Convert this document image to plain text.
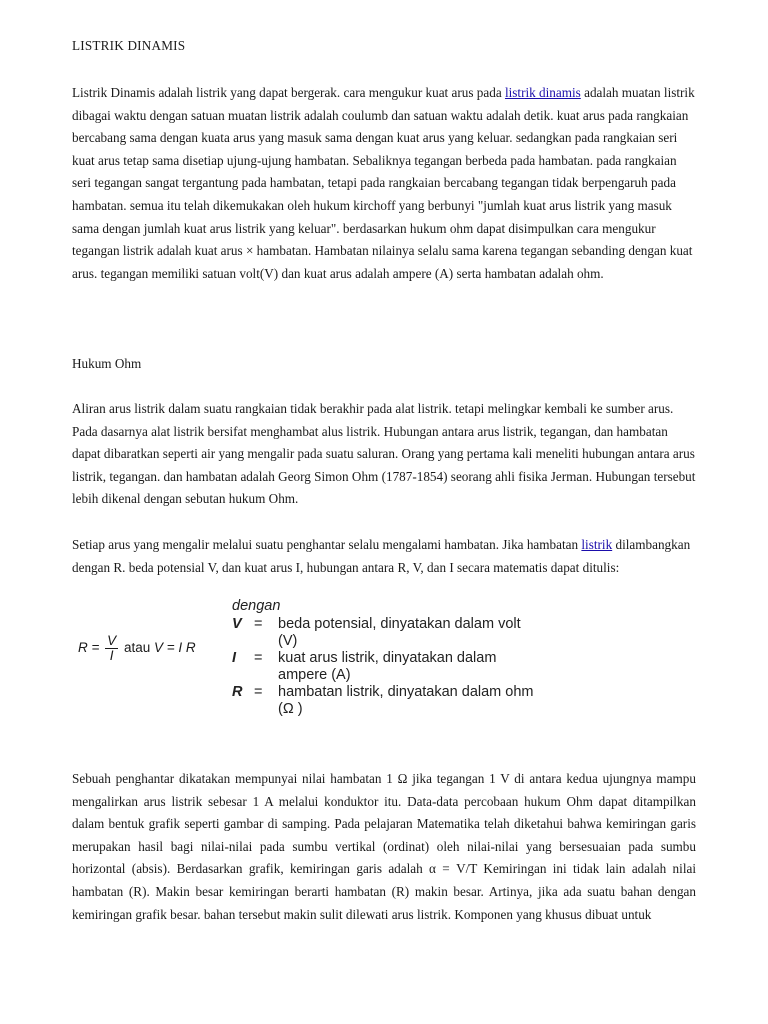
LISTRIK DINAMIS

Listrik Dinamis adalah listrik yang dapat bergerak. cara mengukur kuat arus pada listrik dinamis adalah muatan listrik dibagai waktu dengan satuan muatan listrik adalah coulumb dan satuan waktu adalah detik. kuat arus pada rangkaian bercabang sama dengan kuata arus yang masuk sama dengan kuat arus yang keluar. sedangkan pada rangkaian seri kuat arus tetap sama disetiap ujung-ujung hambatan. Sebaliknya tegangan berbeda pada hambatan. pada rangkaian seri tegangan sangat tergantung pada hambatan, tetapi pada rangkaian bercabang tegangan tidak berpengaruh pada hambatan. semua itu telah dikemukakan oleh hukum kirchoff yang berbunyi "jumlah kuat arus listrik yang masuk sama dengan jumlah kuat arus listrik yang keluar". berdasarkan hukum ohm dapat disimpulkan cara mengukur tegangan listrik adalah kuat arus × hambatan. Hambatan nilainya selalu sama karena tegangan sebanding dengan kuat arus. tegangan memiliki satuan volt(V) dan kuat arus adalah ampere (A) serta hambatan adalah ohm.

Hukum Ohm

Aliran arus listrik dalam suatu rangkaian tidak berakhir pada alat listrik. tetapi melingkar kembali ke sumber arus. Pada dasarnya alat listrik bersifat menghambat alus listrik. Hubungan antara arus listrik, tegangan, dan hambatan dapat dibaratkan seperti air yang mengalir pada suatu saluran. Orang yang pertama kali meneliti hubungan antara arus listrik, tegangan. dan hambatan adalah Georg Simon Ohm (1787-1854) seorang ahli fisika Jerman. Hubungan tersebut lebih dikenal dengan sebutan hukum Ohm.

Setiap arus yang mengalir melalui suatu penghantar selalu mengalami hambatan. Jika hambatan listrik dilambangkan dengan R. beda potensial V, dan kuat arus I, hubungan antara R, V, dan I secara matematis dapat ditulis:

$R = \frac{V}{I}$ atau V = I R
dengan
V =	beda potensial, dinyatakan dalam volt (V)
I	=	kuat arus listrik, dinyatakan dalam ampere (A)
R =	hambatan listrik, dinyatakan dalam ohm (Ω )

Sebuah penghantar dikatakan mempunyai nilai hambatan 1 Ω jika tegangan 1 V di antara kedua ujungnya mampu mengalirkan arus listrik sebesar 1 A melalui konduktor itu. Data-data percobaan hukum Ohm dapat ditampilkan dalam bentuk grafik seperti gambar di samping. Pada pelajaran Matematika telah diketahui bahwa kemiringan garis merupakan hasil bagi nilai-nilai pada sumbu vertikal (ordinat) oleh nilai-nilai yang bersesuaian pada sumbu horizontal (absis). Berdasarkan grafik, kemiringan garis adalah α = V/T Kemiringan ini tidak lain adalah nilai hambatan (R). Makin besar kemiringan berarti hambatan (R) makin besar. Artinya, jika ada suatu bahan dengan kemiringan grafik besar. bahan tersebut makin sulit dilewati arus listrik. Komponen yang khusus dibuat untuk
